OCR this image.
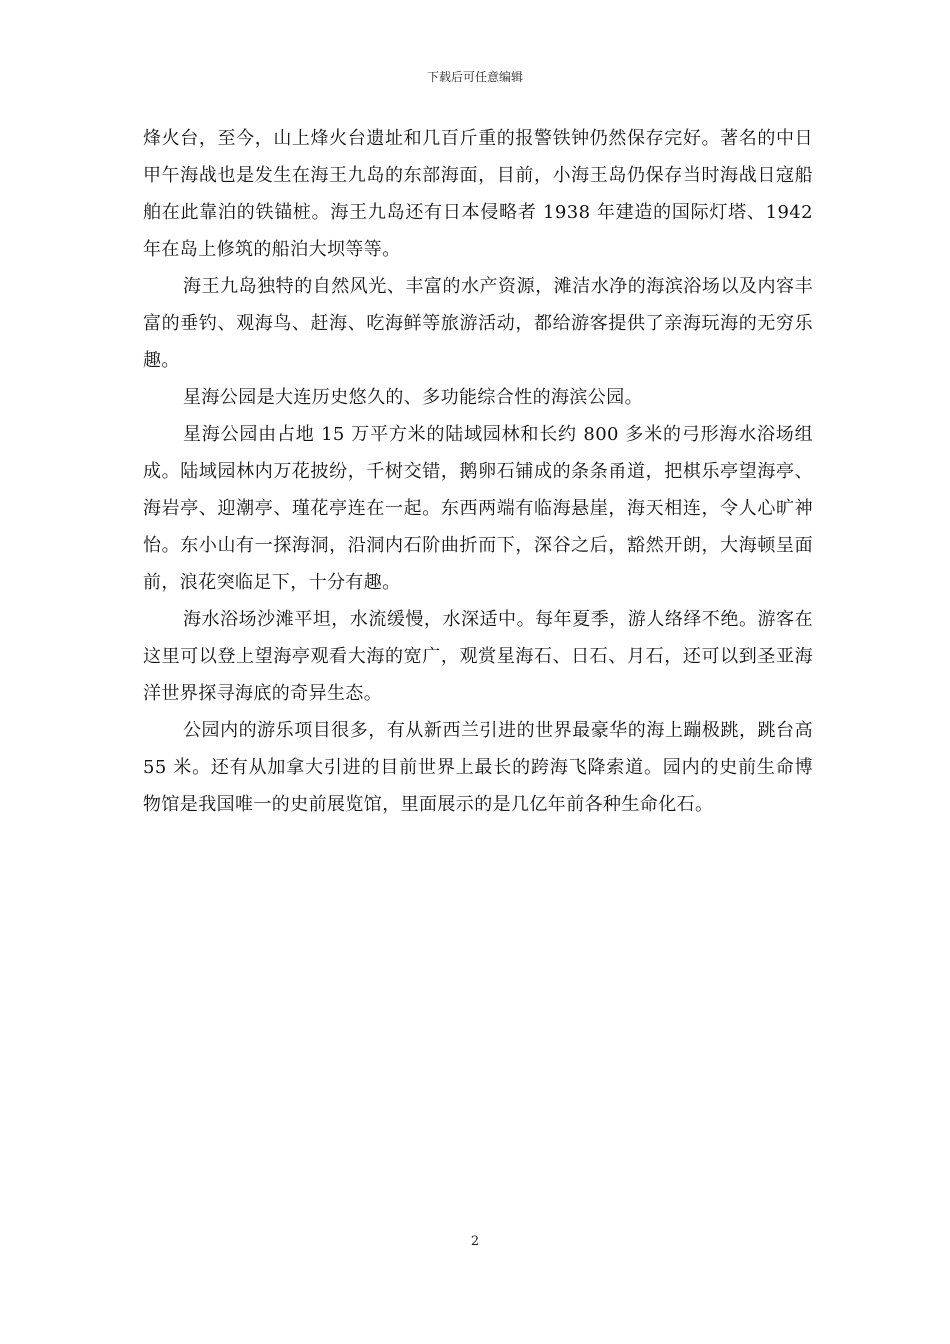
下载后可任意编辑

烽火台，至今，山上烽火台遗址和几百斤重的报警铁钟仍然保存完好。著名的中日甲午海战也是发生在海王九岛的东部海面，目前，小海王岛仍保存当时海战日寇船舶在此靠泊的铁锚桩。海王九岛还有日本侵略者 1938 年建造的国际灯塔、1942 年在岛上修筑的船泊大坝等等。

海王九岛独特的自然风光、丰富的水产资源，滩洁水净的海滨浴场以及内容丰富的垂钓、观海鸟、赶海、吃海鲜等旅游活动，都给游客提供了亲海玩海的无穷乐趣。

星海公园是大连历史悠久的、多功能综合性的海滨公园。

星海公园由占地 15 万平方米的陆域园林和长约 800 多米的弓形海水浴场组成。陆域园林内万花披纷，千树交错，鹅卵石铺成的条条甬道，把棋乐亭望海亭、海岩亭、迎潮亭、瑾花亭连在一起。东西两端有临海悬崖，海天相连，令人心旷神怡。东小山有一探海洞，沿洞内石阶曲折而下，深谷之后，豁然开朗，大海顿呈面前，浪花突临足下，十分有趣。

海水浴场沙滩平坦，水流缓慢，水深适中。每年夏季，游人络绎不绝。游客在这里可以登上望海亭观看大海的宽广，观赏星海石、日石、月石，还可以到圣亚海洋世界探寻海底的奇异生态。

公园内的游乐项目很多，有从新西兰引进的世界最豪华的海上蹦极跳，跳台高 55 米。还有从加拿大引进的目前世界上最长的跨海飞降索道。园内的史前生命博物馆是我国唯一的史前展览馆，里面展示的是几亿年前各种生命化石。

2
